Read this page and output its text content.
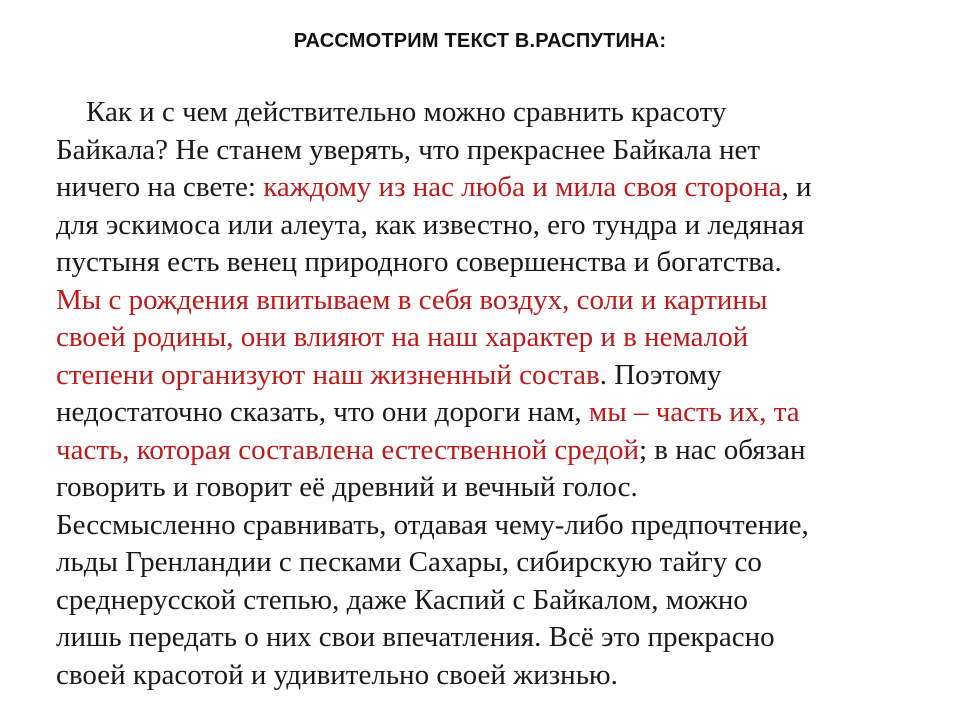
РАССМОТРИМ ТЕКСТ В.РАСПУТИНА:
Как и с чем действительно можно сравнить красоту
Байкала? Не станем уверять, что прекраснее Байкала нет
ничего на свете: каждому из нас люба и мила своя сторона, и
для эскимоса или алеута, как известно, его тундра и ледяная
пустыня есть венец природного совершенства и богатства.
Мы с рождения впитываем в себя воздух, соли и картины
своей родины, они влияют на наш характер и в немалой
степени организуют наш жизненный состав. Поэтому
недостаточно сказать, что они дороги нам, мы – часть их, та
часть, которая составлена естественной средой; в нас обязан
говорить и говорит её древний и вечный голос.
Бессмысленно сравнивать, отдавая чему-либо предпочтение,
льды Гренландии с песками Сахары, сибирскую тайгу со
среднерусской степью, даже Каспий с Байкалом, можно
лишь передать о них свои впечатления. Всё это прекрасно
своей красотой и удивительно своей жизнью.
